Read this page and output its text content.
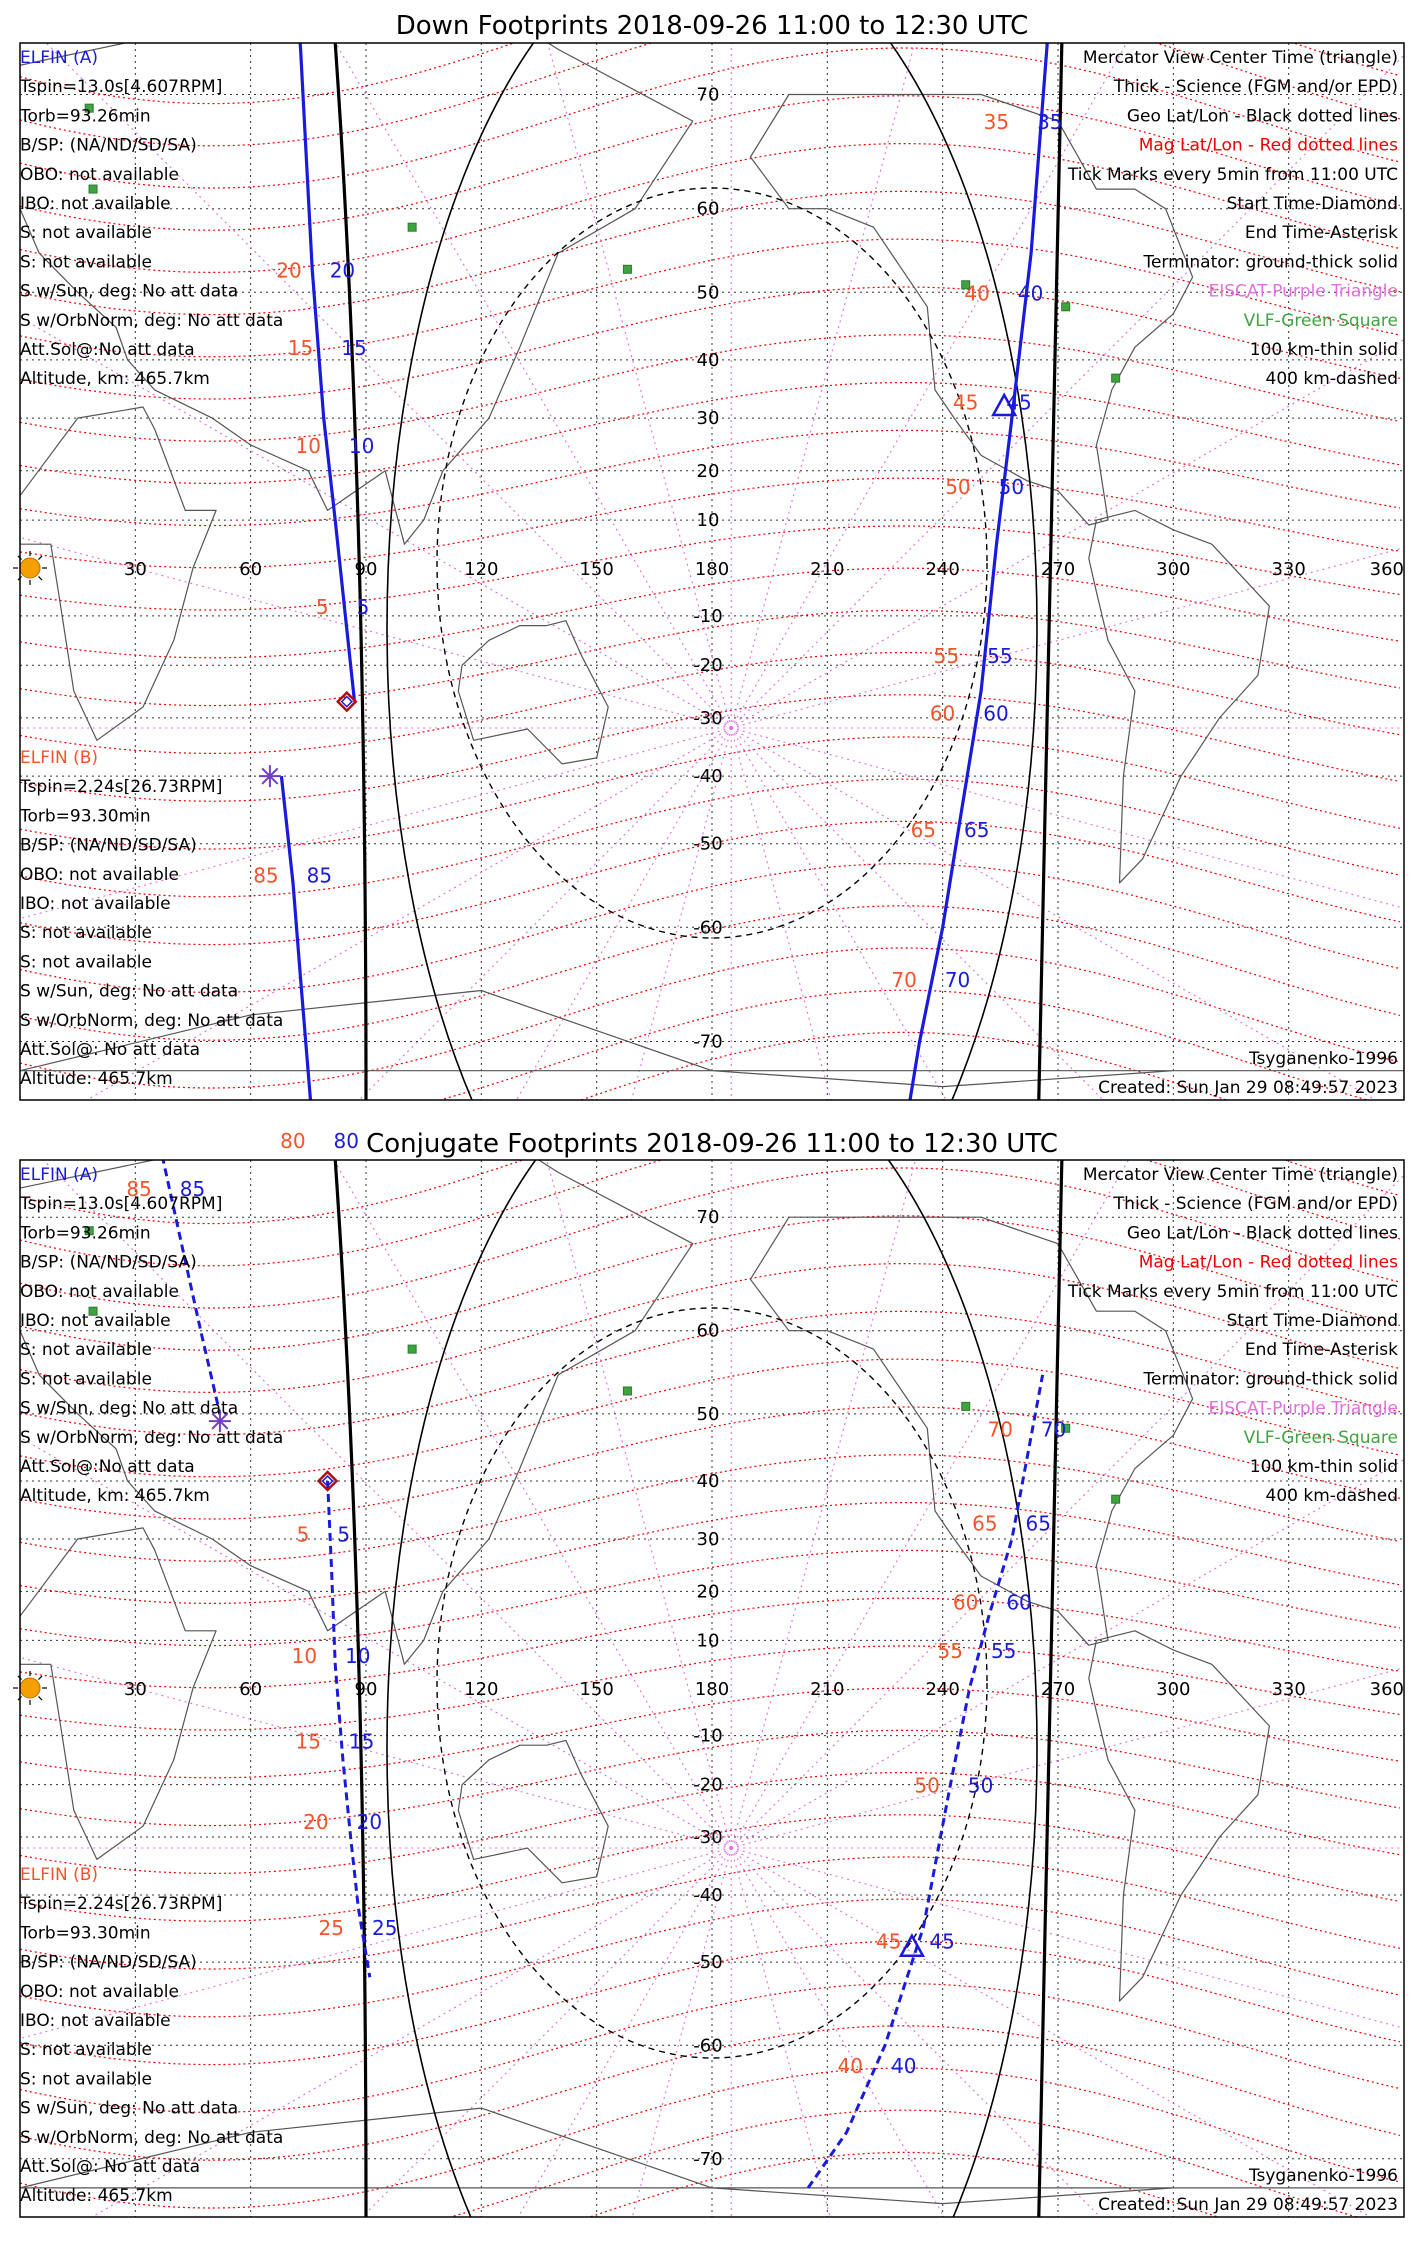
Down Footprints 2018-09-26 11:00 to 12:30 UTC
30	60	90	120	150	180	210	240	270	300	330	360
70
60
50
40
30
20
10
-10
-20
-30
-40
-50
-60
-70
20 20
15 15
10 10
5 5
35 35
40 40
45 45
50 50
55 55
60 60
65 65
70 70
85 85
80 80
ELFIN (A)
Tspin=13.0s[4.607RPM]
Torb=93.26min
B/SP: (NA/ND/SD/SA)
OBO: not available
IBO: not available
S: not available
S: not available
S w/Sun, deg: No att data
S w/OrbNorm, deg: No att data
Att.Sol@:No att data
Altitude, km: 465.7km
ELFIN (B)
Tspin=2.24s[26.73RPM]
Torb=93.30min
B/SP: (NA/ND/SD/SA)
OBO: not available
IBO: not available
S: not available
S: not available
S w/Sun, deg: No att data
S w/OrbNorm, deg: No att data
Att.Sol@: No att data
Altitude: 465.7km
Mercator View Center Time (triangle)
Thick - Science (FGM and/or EPD)
Geo Lat/Lon - Black dotted lines
Mag Lat/Lon - Red dotted lines
Tick Marks every 5min from 11:00 UTC
Start Time-Diamond
End Time-Asterisk
Terminator: ground-thick solid
EISCAT-Purple Triangle
VLF-Green Square
100 km-thin solid
400 km-dashed
Tsyganenko-1996
Created: Sun Jan 29 08:49:57 2023
Conjugate Footprints 2018-09-26 11:00 to 12:30 UTC
30	60	90	120	150	180	210	240	270	300	330	360
70
60
50
40
30
20
10
-10
-20
-30
-40
-50
-60
-70
5 5
10 10
15 15
20 20
25 25
70 70
65 65
60 60
55 55
50 50
45 45
40 40
85 85
ELFIN (A)
Tspin=13.0s[4.607RPM]
Torb=93.26min
B/SP: (NA/ND/SD/SA)
OBO: not available
IBO: not available
S: not available
S: not available
S w/Sun, deg: No att data
S w/OrbNorm, deg: No att data
Att.Sol@:No att data
Altitude, km: 465.7km
ELFIN (B)
Tspin=2.24s[26.73RPM]
Torb=93.30min
B/SP: (NA/ND/SD/SA)
OBO: not available
IBO: not available
S: not available
S: not available
S w/Sun, deg: No att data
S w/OrbNorm, deg: No att data
Att.Sol@: No att data
Altitude: 465.7km
Mercator View Center Time (triangle)
Thick - Science (FGM and/or EPD)
Geo Lat/Lon - Black dotted lines
Mag Lat/Lon - Red dotted lines
Tick Marks every 5min from 11:00 UTC
Start Time-Diamond
End Time-Asterisk
Terminator: ground-thick solid
EISCAT-Purple Triangle
VLF-Green Square
100 km-thin solid
400 km-dashed
Tsyganenko-1996
Created: Sun Jan 29 08:49:57 2023
